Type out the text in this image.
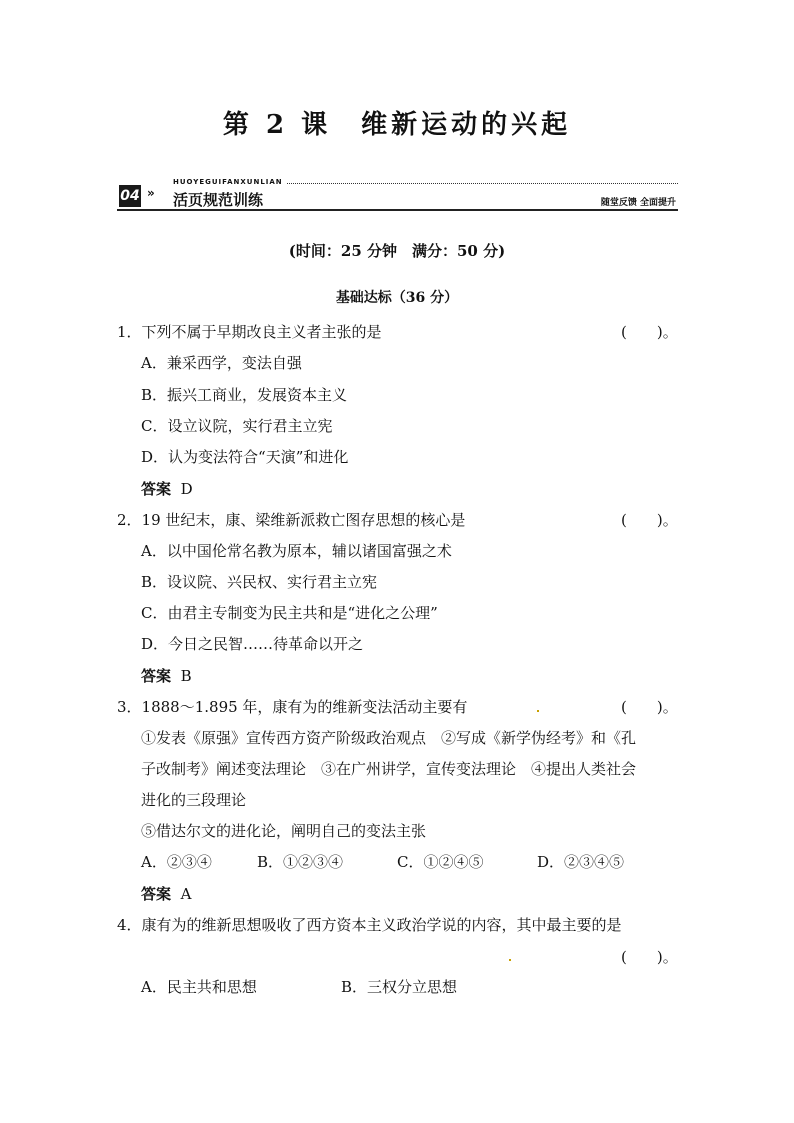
第 2 课　维新运动的兴起
04 »
HUOYEGUIFANXUNLIAN
活页规范训练	随堂反馈 全面提升
(时间：25 分钟　满分：50 分)
基础达标（36 分）
1．下列不属于早期改良主义者主张的是	(　　)。
A．兼采西学，变法自强
B．振兴工商业，发展资本主义
C．设立议院，实行君主立宪
D．认为变法符合“天演”和进化
答案 D
2．19 世纪末，康、梁维新派救亡图存思想的核心是	(　　)。
A．以中国伦常名教为原本，辅以诸国富强之术
B．设议院、兴民权、实行君主立宪
C．由君主专制变为民主共和是“进化之公理”
D．今日之民智……待革命以开之
答案 B
3．1888～1.895 年，康有为的维新变法活动主要有	(　　)。
①发表《原强》宣传西方资产阶级政治观点　②写成《新学伪经考》和《孔
子改制考》阐述变法理论　③在广州讲学，宣传变法理论　④提出人类社会
进化的三段理论
⑤借达尔文的进化论，阐明自己的变法主张
A．②③④	B．①②③④	C．①②④⑤	D．②③④⑤
答案 A
4．康有为的维新思想吸收了西方资本主义政治学说的内容，其中最主要的是
(　　)。
A．民主共和思想	B．三权分立思想
